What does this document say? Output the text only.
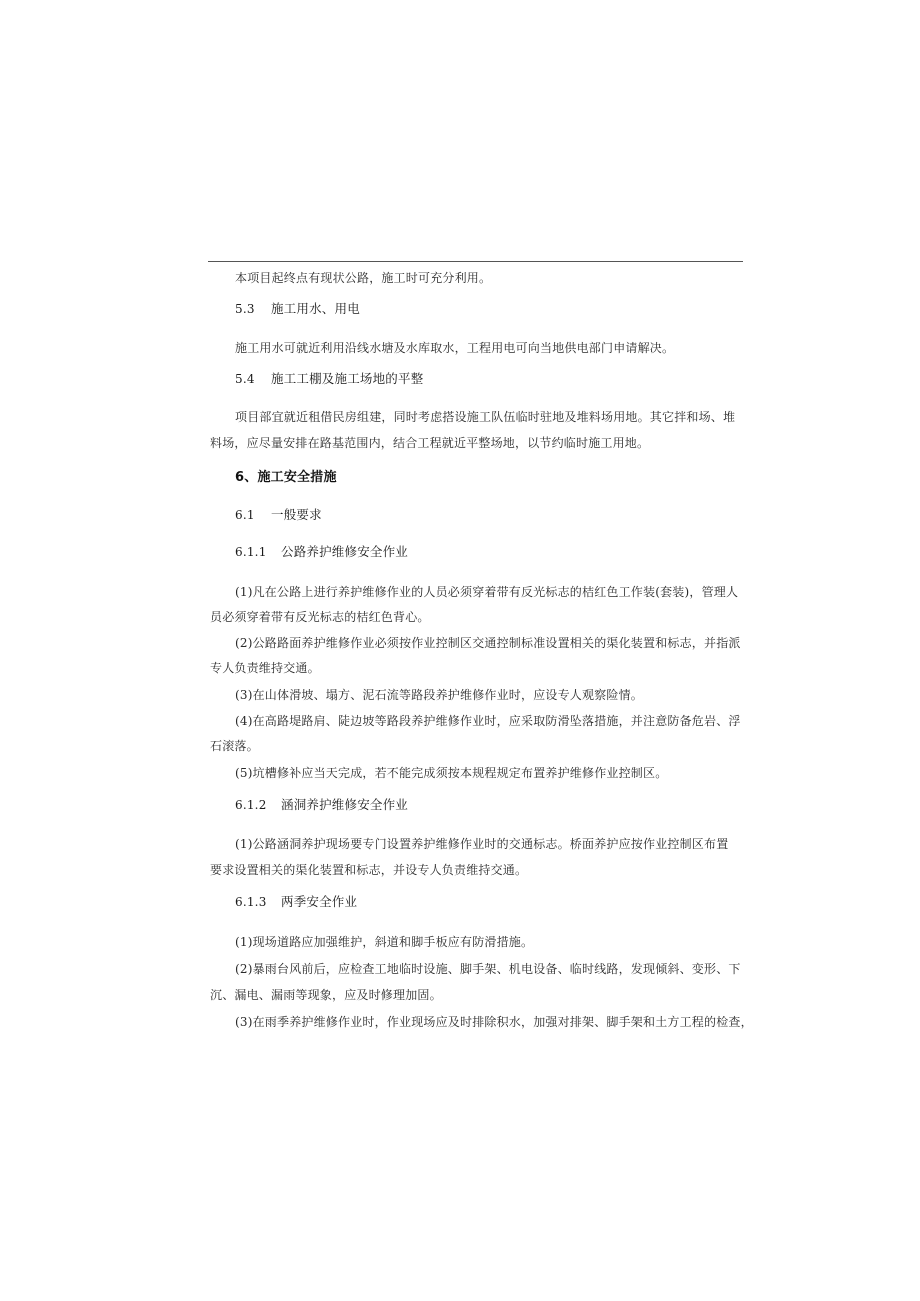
本项目起终点有现状公路，施工时可充分利用。
5.3 施工用水、用电
施工用水可就近利用沿线水塘及水库取水，工程用电可向当地供电部门申请解决。
5.4 施工工棚及施工场地的平整
项目部宜就近租借民房组建，同时考虑搭设施工队伍临时驻地及堆料场用地。其它拌和场、堆
料场，应尽量安排在路基范围内，结合工程就近平整场地，以节约临时施工用地。
6、施工安全措施
6.1 一般要求
6.1.1 公路养护维修安全作业
(1)凡在公路上进行养护维修作业的人员必须穿着带有反光标志的桔红色工作装(套装)，管理人
员必须穿着带有反光标志的桔红色背心。
(2)公路路面养护维修作业必须按作业控制区交通控制标准设置相关的渠化装置和标志，并指派
专人负责维持交通。
(3)在山体滑坡、塌方、泥石流等路段养护维修作业时，应设专人观察险情。
(4)在高路堤路肩、陡边坡等路段养护维修作业时，应采取防滑坠落措施，并注意防备危岩、浮
石滚落。
(5)坑槽修补应当天完成，若不能完成须按本规程规定布置养护维修作业控制区。
6.1.2 涵洞养护维修安全作业
(1)公路涵洞养护现场要专门设置养护维修作业时的交通标志。桥面养护应按作业控制区布置
要求设置相关的渠化装置和标志，并设专人负责维持交通。
6.1.3 两季安全作业
(1)现场道路应加强维护，斜道和脚手板应有防滑措施。
(2)暴雨台风前后，应检查工地临时设施、脚手架、机电设备、临时线路，发现倾斜、变形、下
沉、漏电、漏雨等现象，应及时修理加固。
(3)在雨季养护维修作业时，作业现场应及时排除积水，加强对排架、脚手架和土方工程的检查，
